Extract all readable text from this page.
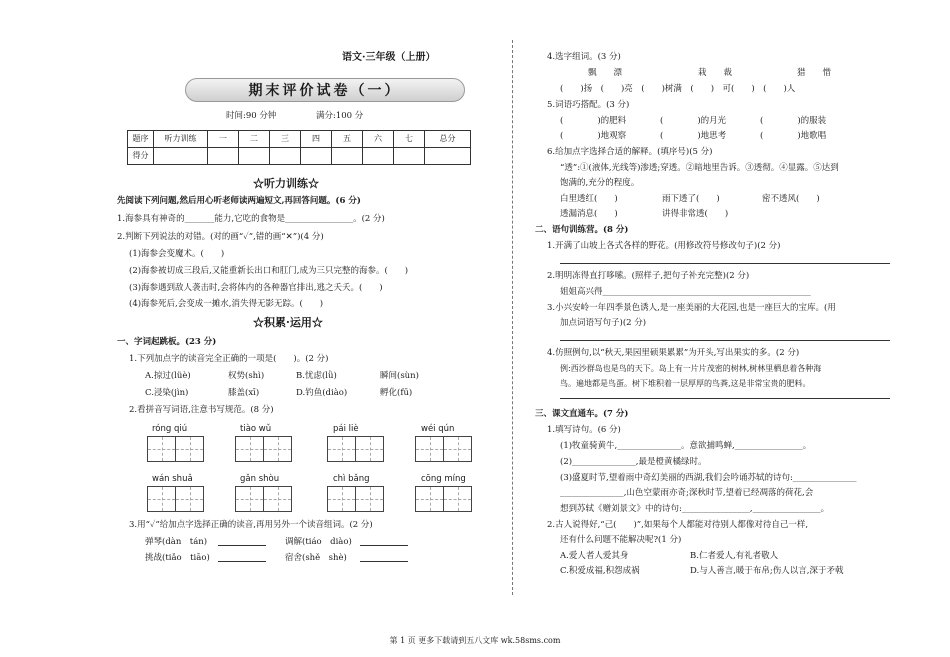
语文·三年级（上册）
期末评价试卷（一）
时间:90 分钟	满分:100 分
题序	听力训练	一	二	三	四	五	六	七	总分
得分									
☆听力训练☆
先阅读下列问题,然后用心听老师读两遍短文,再回答问题。(6 分)
1.海参具有神奇的_______能力,它吃的食物是________________。(2 分)
2.判断下列说法的对错。(对的画“✓”,错的画“✕”)(4 分)
(1)海参会变魔术。(　　)
(2)海参被切成三段后,又能重新长出口和肛门,成为三只完整的海参。(　　)
(3)海参遇到敌人袭击时,会将体内的各种器官排出,逃之夭夭。(　　)
(4)海参死后,会变成一摊水,消失得无影无踪。(　　)
☆积累·运用☆
一、字词起跳板。(23 分)
1.下列加点字的读音完全正确的一项是(　　)。(2 分)
A.掠过(lüè)	权势(shì)	B.忧虑(lǜ)	瞬间(sùn)
C.浸染(jìn)	膝盖(xī)	D.钓鱼(diào)	孵化(fū)
2.看拼音写词语,注意书写规范。(8 分)
róng qiú	tiào wǔ	pái liè	wéi qún
wán shuǎ	gǎn shòu	chì bǎng	cōng míng
3.用“✓”给加点字选择正确的读音,再用另外一个读音组词。(2 分)
弹琴(dàn　tán)	调解(tiáo　diào)
挑战(tiǎo　tiāo)	宿舍(shě　shè)
4.选字组词。(3 分)
飘　　漂	栽　　裁	猎　　惜
(　　)扬　(　　)亮　(　　)树满　(　　)　可(　　)　(　　)人
5.词语巧搭配。(3 分)
(　　　　)的肥料	(　　　　)的月光	(　　　　)的服装
(　　　　)地观察	(　　　　)地思考	(　　　　)地歌唱
6.给加点字选择合适的解释。(填序号)(5 分)
“透”:①(液体,光线等)渗透;穿透。②暗地里告诉。③透彻。④显露。⑤达到
饱满的,充分的程度。
白里透红(　　)	雨下透了(　　)	密不透风(　　)
透漏消息(　　)	讲得非常透(　　)
二、语句训练营。(8 分)
1.开满了山坡上各式各样的野花。(用修改符号修改句子)(2 分)
2.明明冻得直打哆嗦。(照样子,把句子补充完整)(2 分)
姐姐高兴得_________________________________________________
3.小兴安岭一年四季景色诱人,是一座美丽的大花园,也是一座巨大的宝库。(用
加点词语写句子)(2 分)
4.仿照例句,以“秋天,果园里硕果累累”为开头,写出果实的多。(2 分)
例:西沙群岛也是鸟的天下。岛上有一片片茂密的树林,树林里栖息着各种海
鸟。遍地都是鸟蛋。树下堆积着一层厚厚的鸟粪,这是非常宝贵的肥料。
三、课文直通车。(7 分)
1.填写诗句。(6 分)
(1)牧童骑黄牛,_______________。意欲捕鸣蝉,________________。
(2)_______________,最是橙黄橘绿时。
(3)盛夏时节,望着雨中奇幻美丽的西湖,我们会吟诵苏轼的诗句:_______________
_______________,山色空蒙雨亦奇;深秋时节,望着已经凋落的荷花,会
想到苏轼《赠刘景文》中的诗句:________________,________________。
2.古人说得好,“己(　　)”,如果每个人都能对待别人都像对待自己一样,
还有什么问题不能解决呢?(1 分)
A.爱人者人爱其身	B.仁者爱人,有礼者敬人
C.积爱成福,积怨成祸	D.与人善言,暖于布帛;伤人以言,深于矛戟
第 1 页 更多下载请到五八文库 wk.58sms.com
